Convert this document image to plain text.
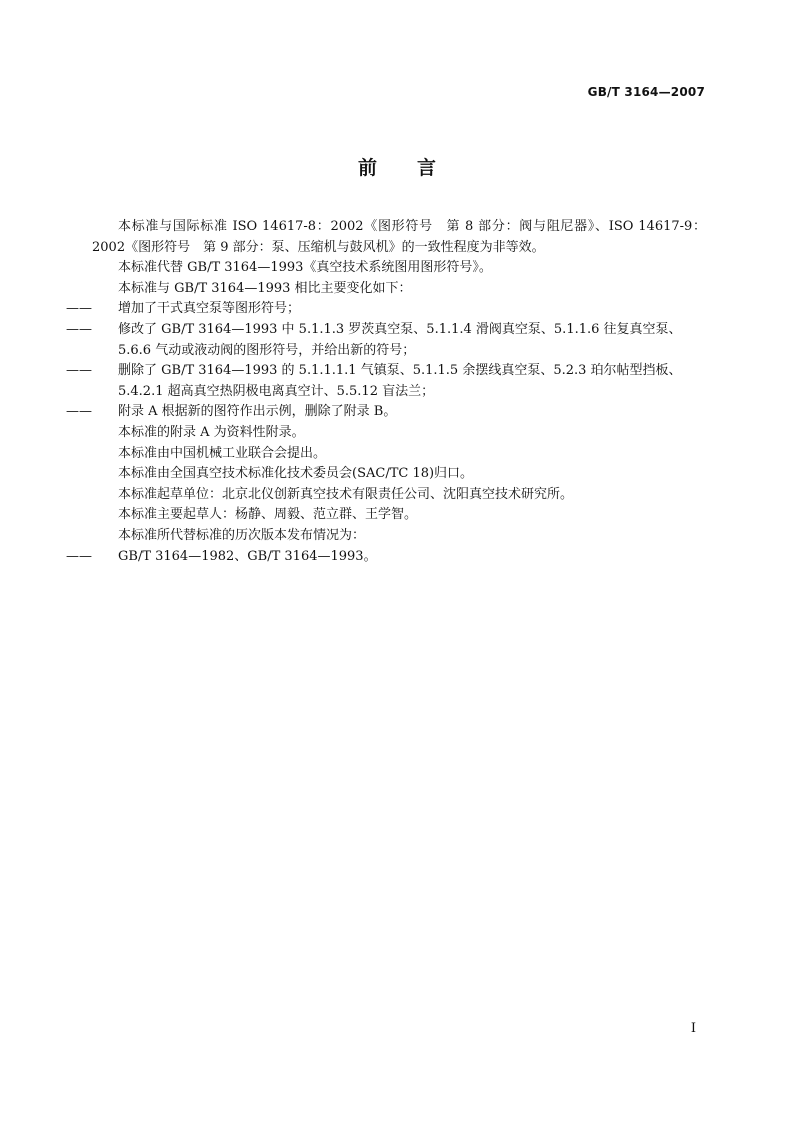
GB/T 3164—2007
前言

本标准与国际标准 ISO 14617-8：2002《图形符号　第 8 部分：阀与阻尼器》、ISO 14617-9：2002《图形符号　第 9 部分：泵、压缩机与鼓风机》的一致性程度为非等效。

本标准代替 GB/T 3164—1993《真空技术系统图用图形符号》。

本标准与 GB/T 3164—1993 相比主要变化如下：

—— 增加了干式真空泵等图形符号；

—— 修改了 GB/T 3164—1993 中 5.1.1.3 罗茨真空泵、5.1.1.4 滑阀真空泵、5.1.1.6 往复真空泵、5.6.6 气动或液动阀的图形符号，并给出新的符号；

—— 删除了 GB/T 3164—1993 的 5.1.1.1.1 气镇泵、5.1.1.5 余摆线真空泵、5.2.3 珀尔帖型挡板、5.4.2.1 超高真空热阴极电离真空计、5.5.12 盲法兰；

—— 附录 A 根据新的图符作出示例，删除了附录 B。

本标准的附录 A 为资料性附录。

本标准由中国机械工业联合会提出。

本标准由全国真空技术标准化技术委员会(SAC/TC 18)归口。

本标准起草单位：北京北仪创新真空技术有限责任公司、沈阳真空技术研究所。

本标准主要起草人：杨静、周毅、范立群、王学智。

本标准所代替标准的历次版本发布情况为：

—— GB/T 3164—1982、GB/T 3164—1993。

I
